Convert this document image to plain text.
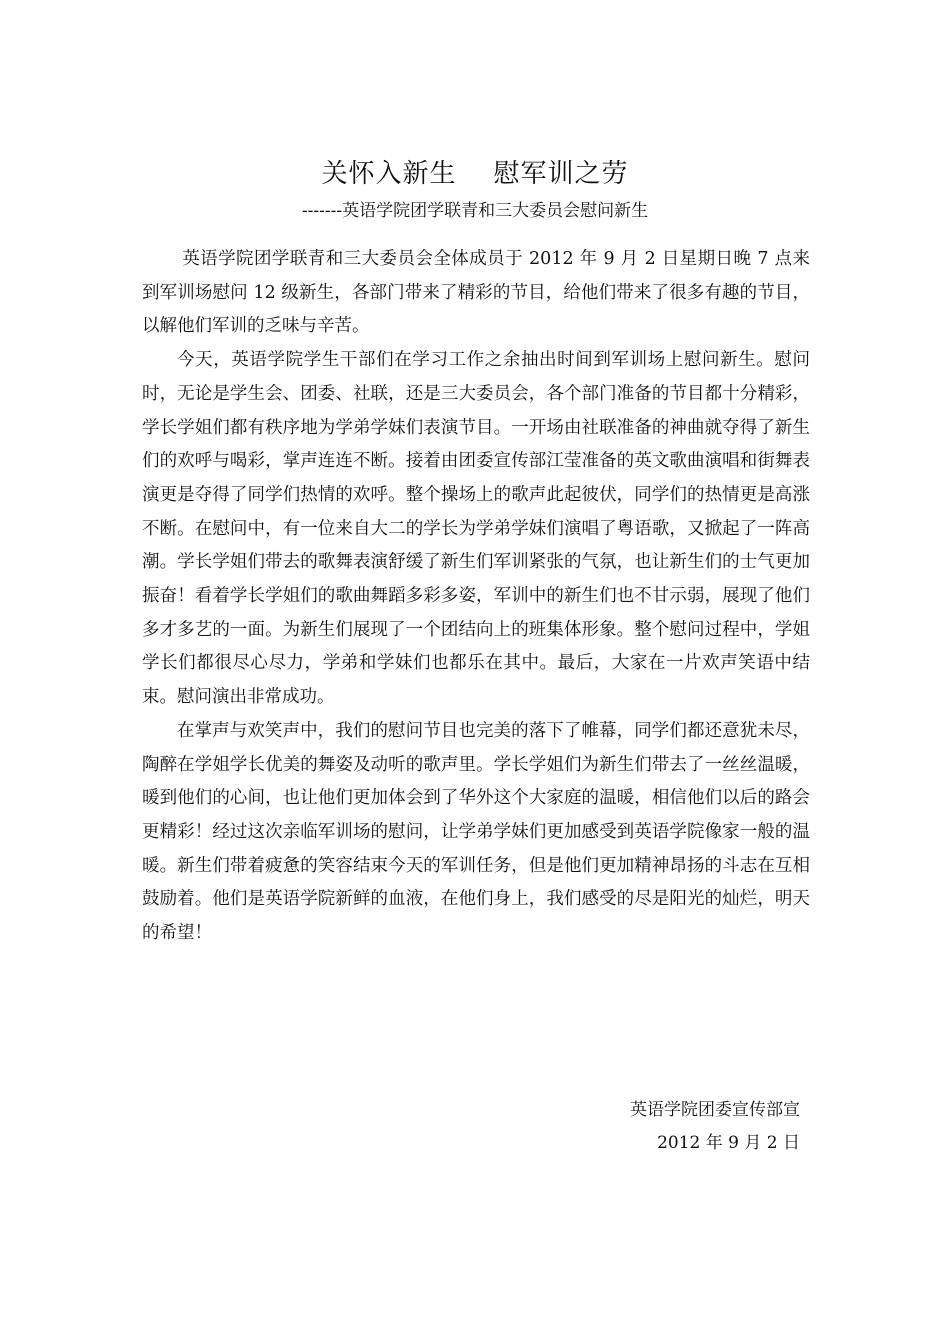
关怀入新生    慰军训之劳

-------英语学院团学联青和三大委员会慰问新生

英语学院团学联青和三大委员会全体成员于 2012 年 9 月 2 日星期日晚 7 点来到军训场慰问 12 级新生，各部门带来了精彩的节目，给他们带来了很多有趣的节目，以解他们军训的乏味与辛苦。

今天，英语学院学生干部们在学习工作之余抽出时间到军训场上慰问新生。慰问时，无论是学生会、团委、社联，还是三大委员会，各个部门准备的节目都十分精彩，学长学姐们都有秩序地为学弟学妹们表演节目。一开场由社联准备的神曲就夺得了新生们的欢呼与喝彩，掌声连连不断。接着由团委宣传部江莹准备的英文歌曲演唱和街舞表演更是夺得了同学们热情的欢呼。整个操场上的歌声此起彼伏，同学们的热情更是高涨不断。在慰问中，有一位来自大二的学长为学弟学妹们演唱了粤语歌，又掀起了一阵高潮。学长学姐们带去的歌舞表演舒缓了新生们军训紧张的气氛，也让新生们的士气更加振奋！看着学长学姐们的歌曲舞蹈多彩多姿，军训中的新生们也不甘示弱，展现了他们多才多艺的一面。为新生们展现了一个团结向上的班集体形象。整个慰问过程中，学姐学长们都很尽心尽力，学弟和学妹们也都乐在其中。最后，大家在一片欢声笑语中结束。慰问演出非常成功。

在掌声与欢笑声中，我们的慰问节目也完美的落下了帷幕，同学们都还意犹未尽，陶醉在学姐学长优美的舞姿及动听的歌声里。学长学姐们为新生们带去了一丝丝温暖，暖到他们的心间，也让他们更加体会到了华外这个大家庭的温暖，相信他们以后的路会更精彩！经过这次亲临军训场的慰问，让学弟学妹们更加感受到英语学院像家一般的温暖。新生们带着疲惫的笑容结束今天的军训任务，但是他们更加精神昂扬的斗志在互相鼓励着。他们是英语学院新鲜的血液，在他们身上，我们感受的尽是阳光的灿烂，明天的希望！

英语学院团委宣传部宣
2012 年 9 月 2 日
